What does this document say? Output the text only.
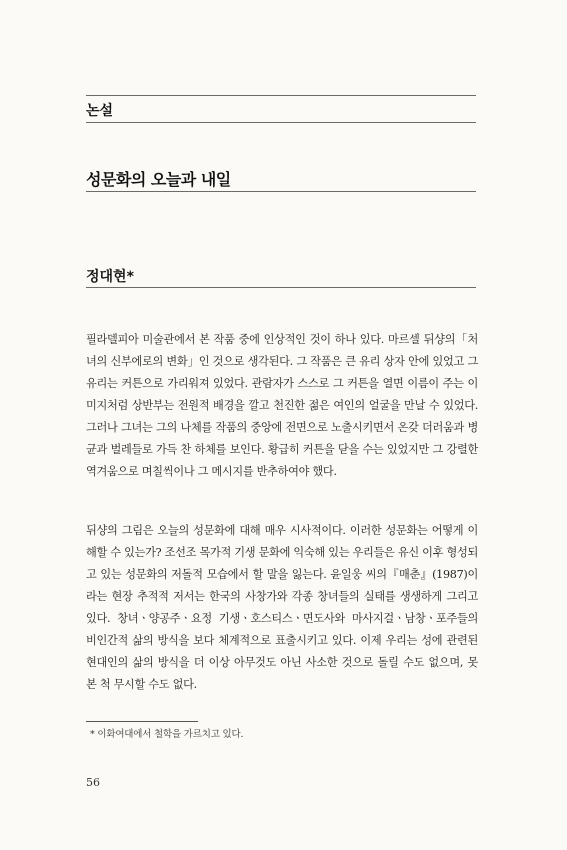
논설
성문화의 오늘과 내일
정대현*
필라델피아 미술관에서 본 작품 중에 인상적인 것이 하나 있다. 마르셀 뒤샹의「처녀의 신부에로의 변화」인 것으로 생각된다. 그 작품은 큰 유리 상자 안에 있었고 그 유리는 커튼으로 가리워져 있었다. 관람자가 스스로 그 커튼을 열면 이름이 주는 이미지처럼 상반부는 전원적 배경을 깔고 천진한 젊은 여인의 얼굴을 만날 수 있었다. 그러나 그녀는 그의 나체를 작품의 중앙에 전면으로 노출시키면서 온갖 더러움과 병균과 벌레들로 가득 찬 하체를 보인다. 황급히 커튼을 닫을 수는 있었지만 그 강렬한 역겨움으로 며칠씩이나 그 메시지를 반추하여야 했다.
뒤샹의 그림은 오늘의 성문화에 대해 매우 시사적이다. 이러한 성문화는 어떻게 이해할 수 있는가? 조선조 목가적 기생 문화에 익숙해 있는 우리들은 유신 이후 형성되고 있는 성문화의 저돌적 모습에서 할 말을 잃는다. 윤일웅 씨의『매춘』(1987)이라는 현장 추적적 저서는 한국의 사창가와 각종 창녀들의 실태를 생생하게 그리고 있다. 창녀ㆍ양공주ㆍ요정 기생ㆍ호스티스ㆍ면도사와 마사지걸ㆍ남창ㆍ포주들의 비인간적 삶의 방식을 보다 체계적으로 표출시키고 있다. 이제 우리는 성에 관련된 현대인의 삶의 방식을 더 이상 아무것도 아닌 사소한 것으로 돌릴 수도 없으며, 못 본 척 무시할 수도 없다.
* 이화여대에서 철학을 가르치고 있다.
56
